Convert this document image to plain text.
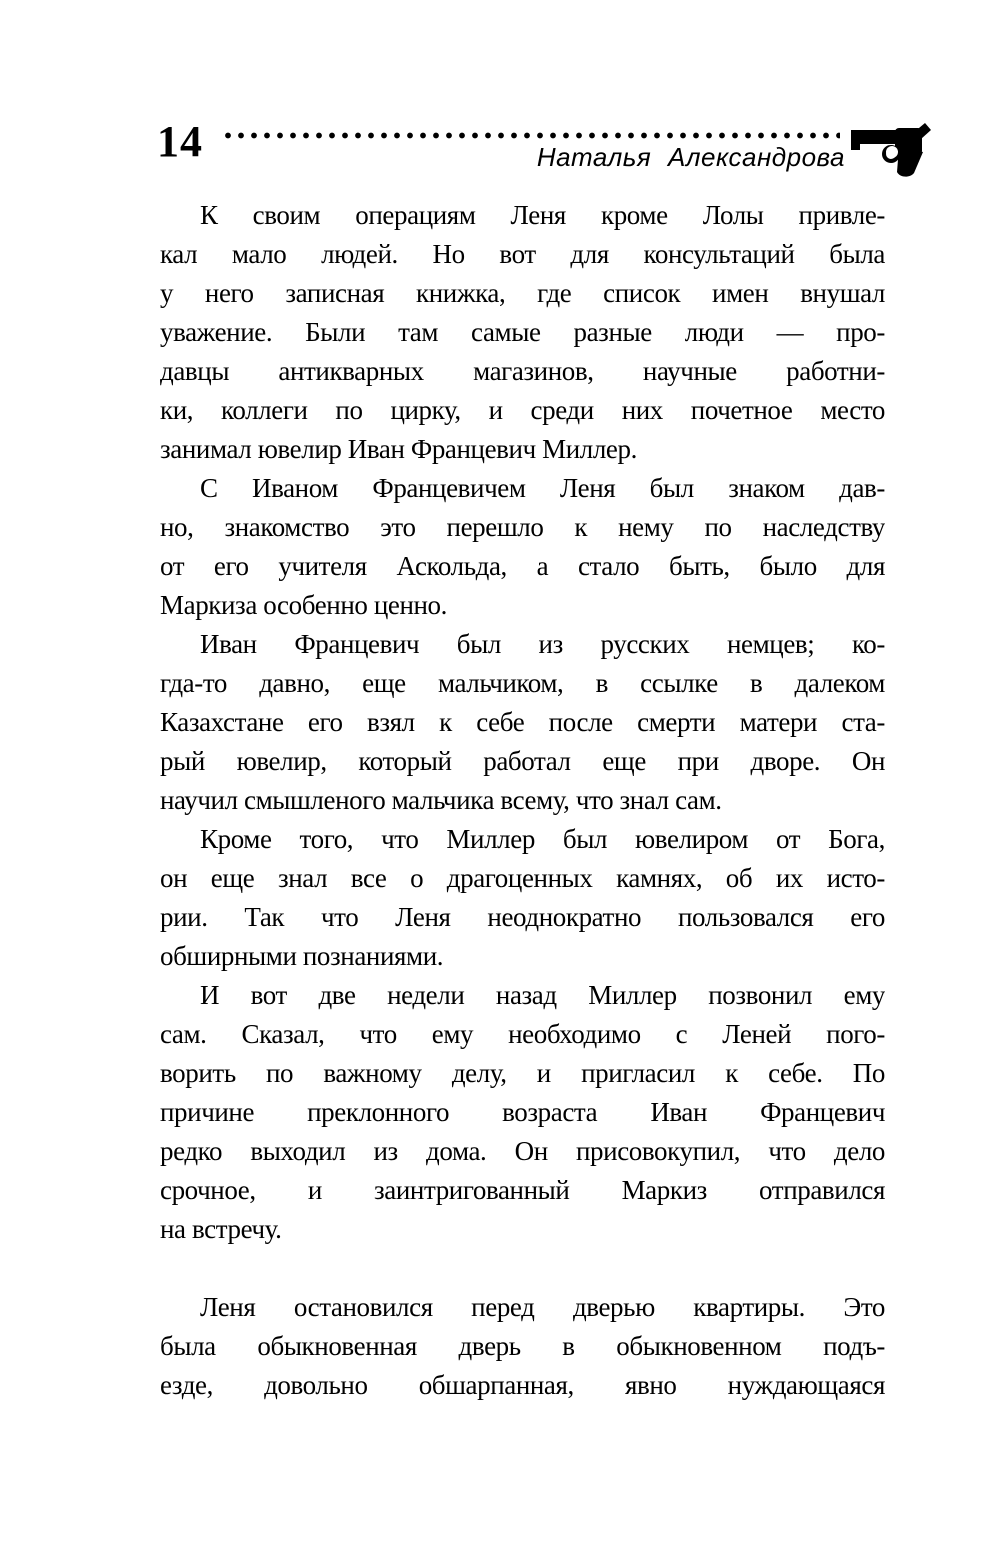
14	Наталья Александрова
К своим операциям Леня кроме Лолы привле-
кал мало людей. Но вот для консультаций была
у него записная книжка, где список имен внушал
уважение. Были там самые разные люди — про-
давцы антикварных магазинов, научные работни-
ки, коллеги по цирку, и среди них почетное место
занимал ювелир Иван Францевич Миллер.
С Иваном Францевичем Леня был знаком дав-
но, знакомство это перешло к нему по наследству
от его учителя Аскольда, а стало быть, было для
Маркиза особенно ценно.
Иван Францевич был из русских немцев; ко-
гда-то давно, еще мальчиком, в ссылке в далеком
Казахстане его взял к себе после смерти матери ста-
рый ювелир, который работал еще при дворе. Он
научил смышленого мальчика всему, что знал сам.
Кроме того, что Миллер был ювелиром от Бога,
он еще знал все о драгоценных камнях, об их исто-
рии. Так что Леня неоднократно пользовался его
обширными познаниями.
И вот две недели назад Миллер позвонил ему
сам. Сказал, что ему необходимо с Леней пого-
ворить по важному делу, и пригласил к себе. По
причине преклонного возраста Иван Францевич
редко выходил из дома. Он присовокупил, что дело
срочное, и заинтригованный Маркиз отправился
на встречу.
Леня остановился перед дверью квартиры. Это
была обыкновенная дверь в обыкновенном подъ-
езде, довольно обшарпанная, явно нуждающаяся
